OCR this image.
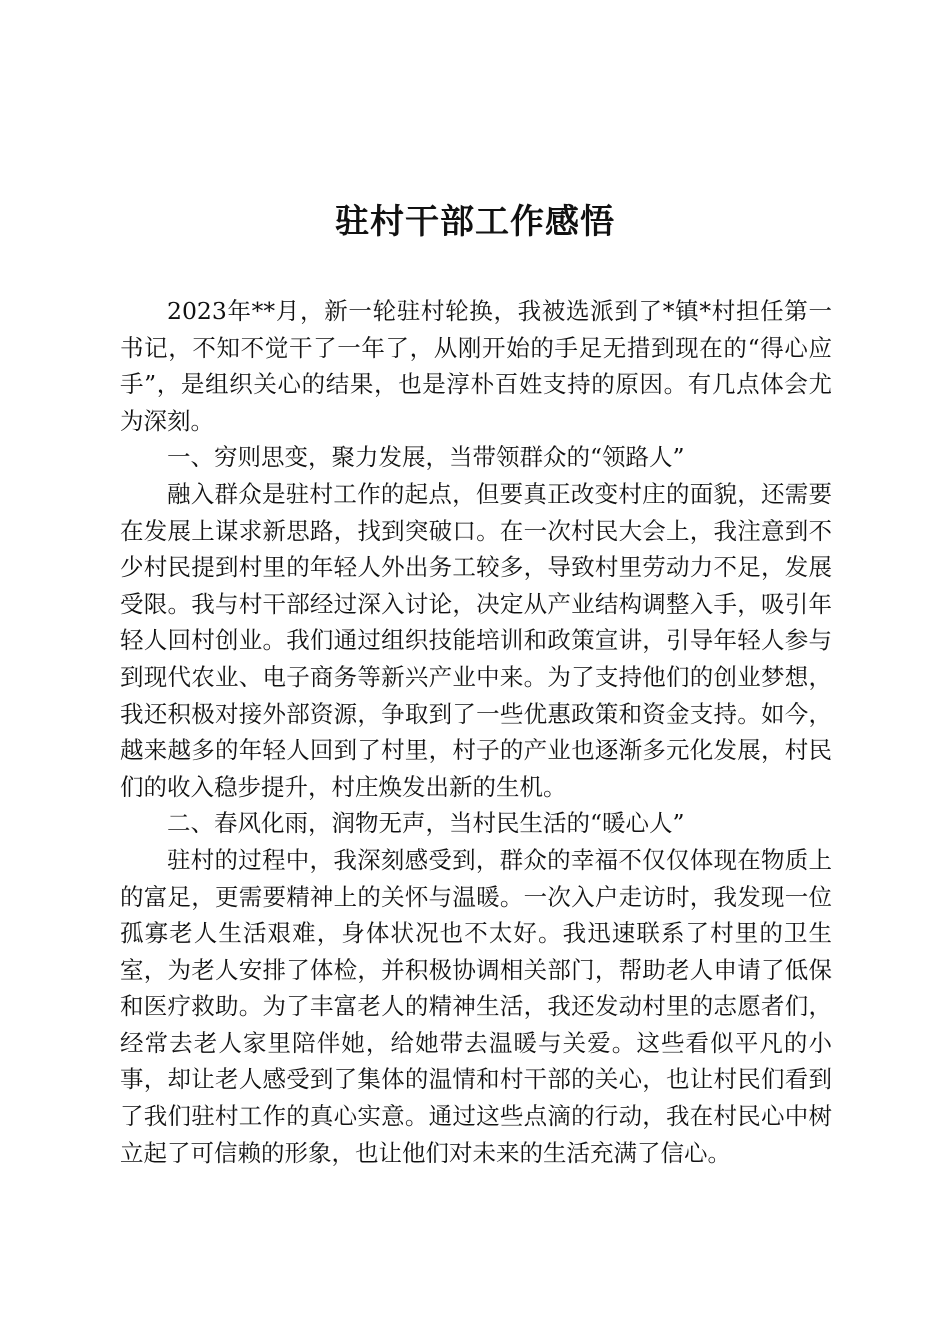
驻村干部工作感悟

2023年**月，新一轮驻村轮换，我被选派到了*镇*村担任第一书记，不知不觉干了一年了，从刚开始的手足无措到现在的“得心应手”，是组织关心的结果，也是淳朴百姓支持的原因。有几点体会尤为深刻。

一、穷则思变，聚力发展，当带领群众的“领路人”

融入群众是驻村工作的起点，但要真正改变村庄的面貌，还需要在发展上谋求新思路，找到突破口。在一次村民大会上，我注意到不少村民提到村里的年轻人外出务工较多，导致村里劳动力不足，发展受限。我与村干部经过深入讨论，决定从产业结构调整入手，吸引年轻人回村创业。我们通过组织技能培训和政策宣讲，引导年轻人参与到现代农业、电子商务等新兴产业中来。为了支持他们的创业梦想，我还积极对接外部资源，争取到了一些优惠政策和资金支持。如今，越来越多的年轻人回到了村里，村子的产业也逐渐多元化发展，村民们的收入稳步提升，村庄焕发出新的生机。

二、春风化雨，润物无声，当村民生活的“暖心人”

驻村的过程中，我深刻感受到，群众的幸福不仅仅体现在物质上的富足，更需要精神上的关怀与温暖。一次入户走访时，我发现一位孤寡老人生活艰难，身体状况也不太好。我迅速联系了村里的卫生室，为老人安排了体检，并积极协调相关部门，帮助老人申请了低保和医疗救助。为了丰富老人的精神生活，我还发动村里的志愿者们，经常去老人家里陪伴她，给她带去温暖与关爱。这些看似平凡的小事，却让老人感受到了集体的温情和村干部的关心，也让村民们看到了我们驻村工作的真心实意。通过这些点滴的行动，我在村民心中树立起了可信赖的形象，也让他们对未来的生活充满了信心。
